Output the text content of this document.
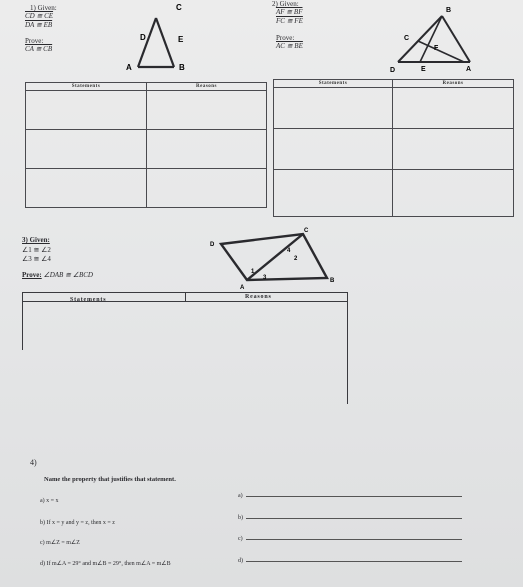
1) Given:
CD ≅ CE
DA ≅ EB
Prove:
CA ≅ CB
C
D	E
A	B
Statements	Reasons

2) Given:
AF ≅ BF
FC ≅ FE
Prove:
AC ≅ BE
B
C
F
D	E	A
Statements	Reasons

3) Given:
∠1 ≅ ∠2
∠3 ≅ ∠4
Prove: ∠DAB ≅ ∠BCD
D
C
A
B
1
2
3
4
Statements	Reasons
4)
Name the property that justifies that statement.
a) x = x
a)
b) If x = y and y = z, then x = z
b)
c) m∠Z = m∠Z
c)
d) If m∠A = 29° and m∠B = 29°, then m∠A = m∠B	d)
